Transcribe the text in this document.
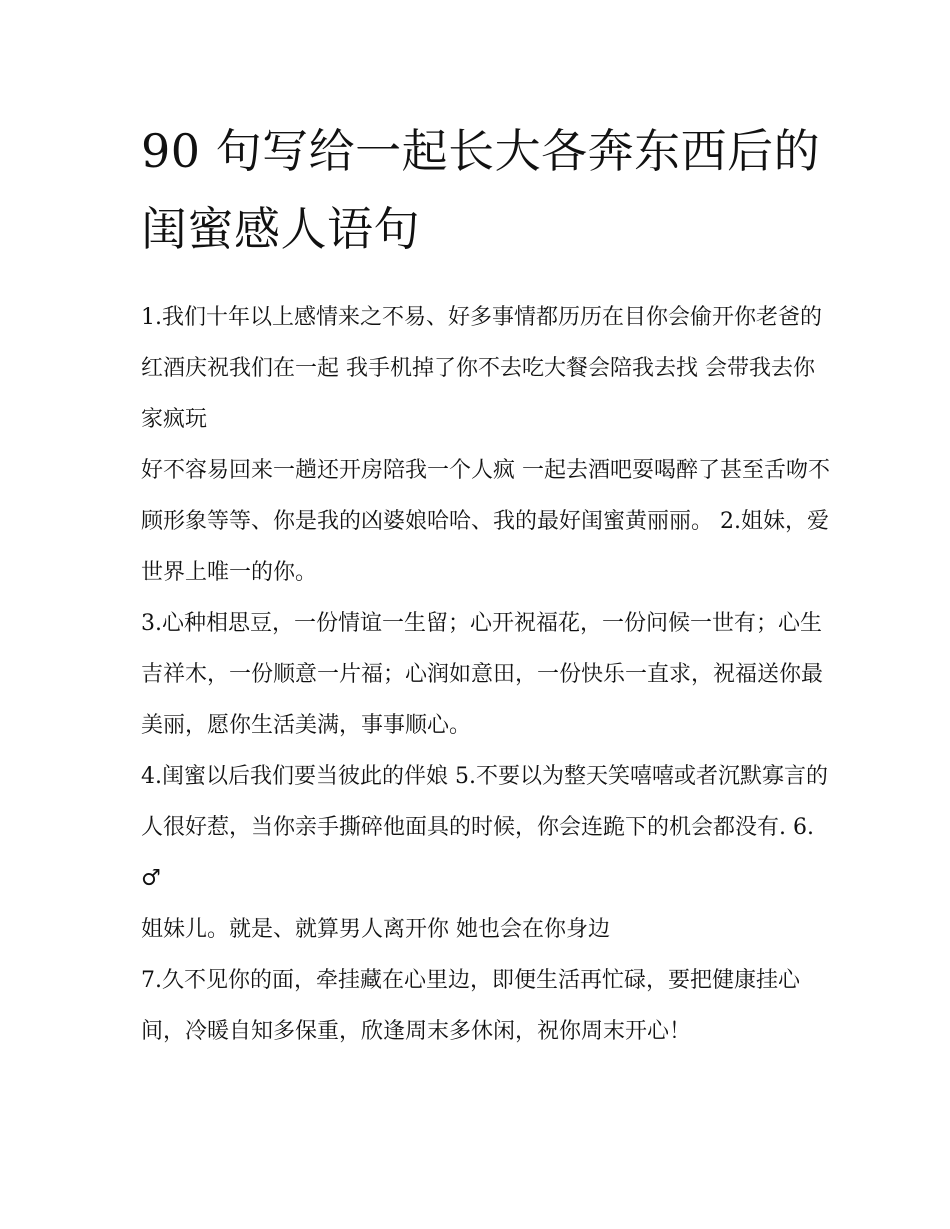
90 句写给一起长大各奔东西后的闺蜜感人语句

1.我们十年以上感情来之不易、好多事情都历历在目你会偷开你老爸的红酒庆祝我们在一起 我手机掉了你不去吃大餐会陪我去找 会带我去你家疯玩

好不容易回来一趟还开房陪我一个人疯 一起去酒吧耍喝醉了甚至舌吻不顾形象等等、你是我的凶婆娘哈哈、我的最好闺蜜黄丽丽。 2.姐妹，爱世界上唯一的你。

3.心种相思豆，一份情谊一生留；心开祝福花，一份问候一世有；心生吉祥木，一份顺意一片福；心润如意田，一份快乐一直求，祝福送你最美丽，愿你生活美满，事事顺心。

4.闺蜜以后我们要当彼此的伴娘 5.不要以为整天笑嘻嘻或者沉默寡言的人很好惹，当你亲手撕碎他面具的时候，你会连跪下的机会都没有. 6.♂

姐妹儿。就是、就算男人离开你 她也会在你身边

7.久不见你的面，牵挂藏在心里边，即便生活再忙碌，要把健康挂心间，冷暖自知多保重，欣逢周末多休闲，祝你周末开心！
